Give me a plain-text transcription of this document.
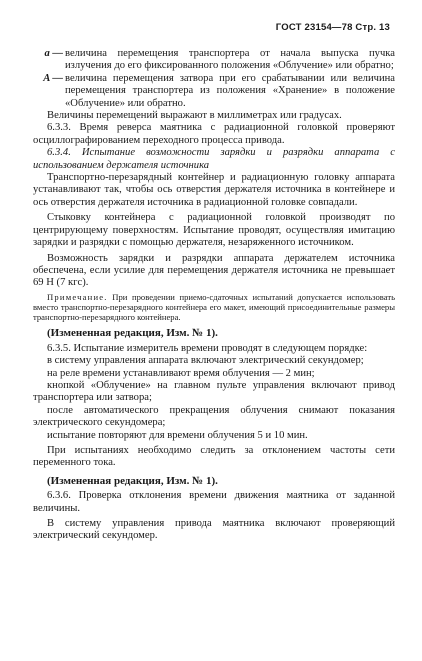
ГОСТ 23154—78 Стр. 13
a — величина перемещения транспортера от начала выпуска пучка излучения до его фиксированного положения «Облучение» или обратно;
A — величина перемещения затвора при его срабатывании или величина перемещения транспортера из положения «Хранение» в положение «Облучение» или обратно.

Величины перемещений выражают в миллиметрах или градусах.

6.3.3. Время реверса маятника с радиационной головкой проверяют осциллографированием переходного процесса привода.

6.3.4. Испытание возможности зарядки и разрядки аппарата с использованием держателя источника

Транспортно-перезарядный контейнер и радиационную головку аппарата устанавливают так, чтобы ось отверстия держателя источника в контейнере и ось отверстия держателя источника в радиационной головке совпадали.

Стыковку контейнера с радиационной головкой производят по центрирующему поверхностям. Испытание проводят, осуществляя имитацию зарядки и разрядки с помощью держателя, незаряженного источником.

Возможность зарядки и разрядки аппарата держателем источника обеспечена, если усилие для перемещения держателя источника не превышает 69 Н (7 кгс).

Примечание. При проведении приемо-сдаточных испытаний допускается использовать вместо транспортно-перезарядного контейнера его макет, имеющий присоединительные размеры транспортно-перезарядного контейнера.

(Измененная редакция, Изм. № 1).

6.3.5. Испытание измеритель времени проводят в следующем порядке:

в систему управления аппарата включают электрический секундомер;

на реле времени устанавливают время облучения — 2 мин;

кнопкой «Облучение» на главном пульте управления включают привод транспортера или затвора;

после автоматического прекращения облучения снимают показания электрического секундомера;

испытание повторяют для времени облучения 5 и 10 мин.

При испытаниях необходимо следить за отклонением частоты сети переменного тока.

(Измененная редакция, Изм. № 1).

6.3.6. Проверка отклонения времени движения маятника от заданной величины.

В систему управления привода маятника включают проверяющий электрический секундомер.
